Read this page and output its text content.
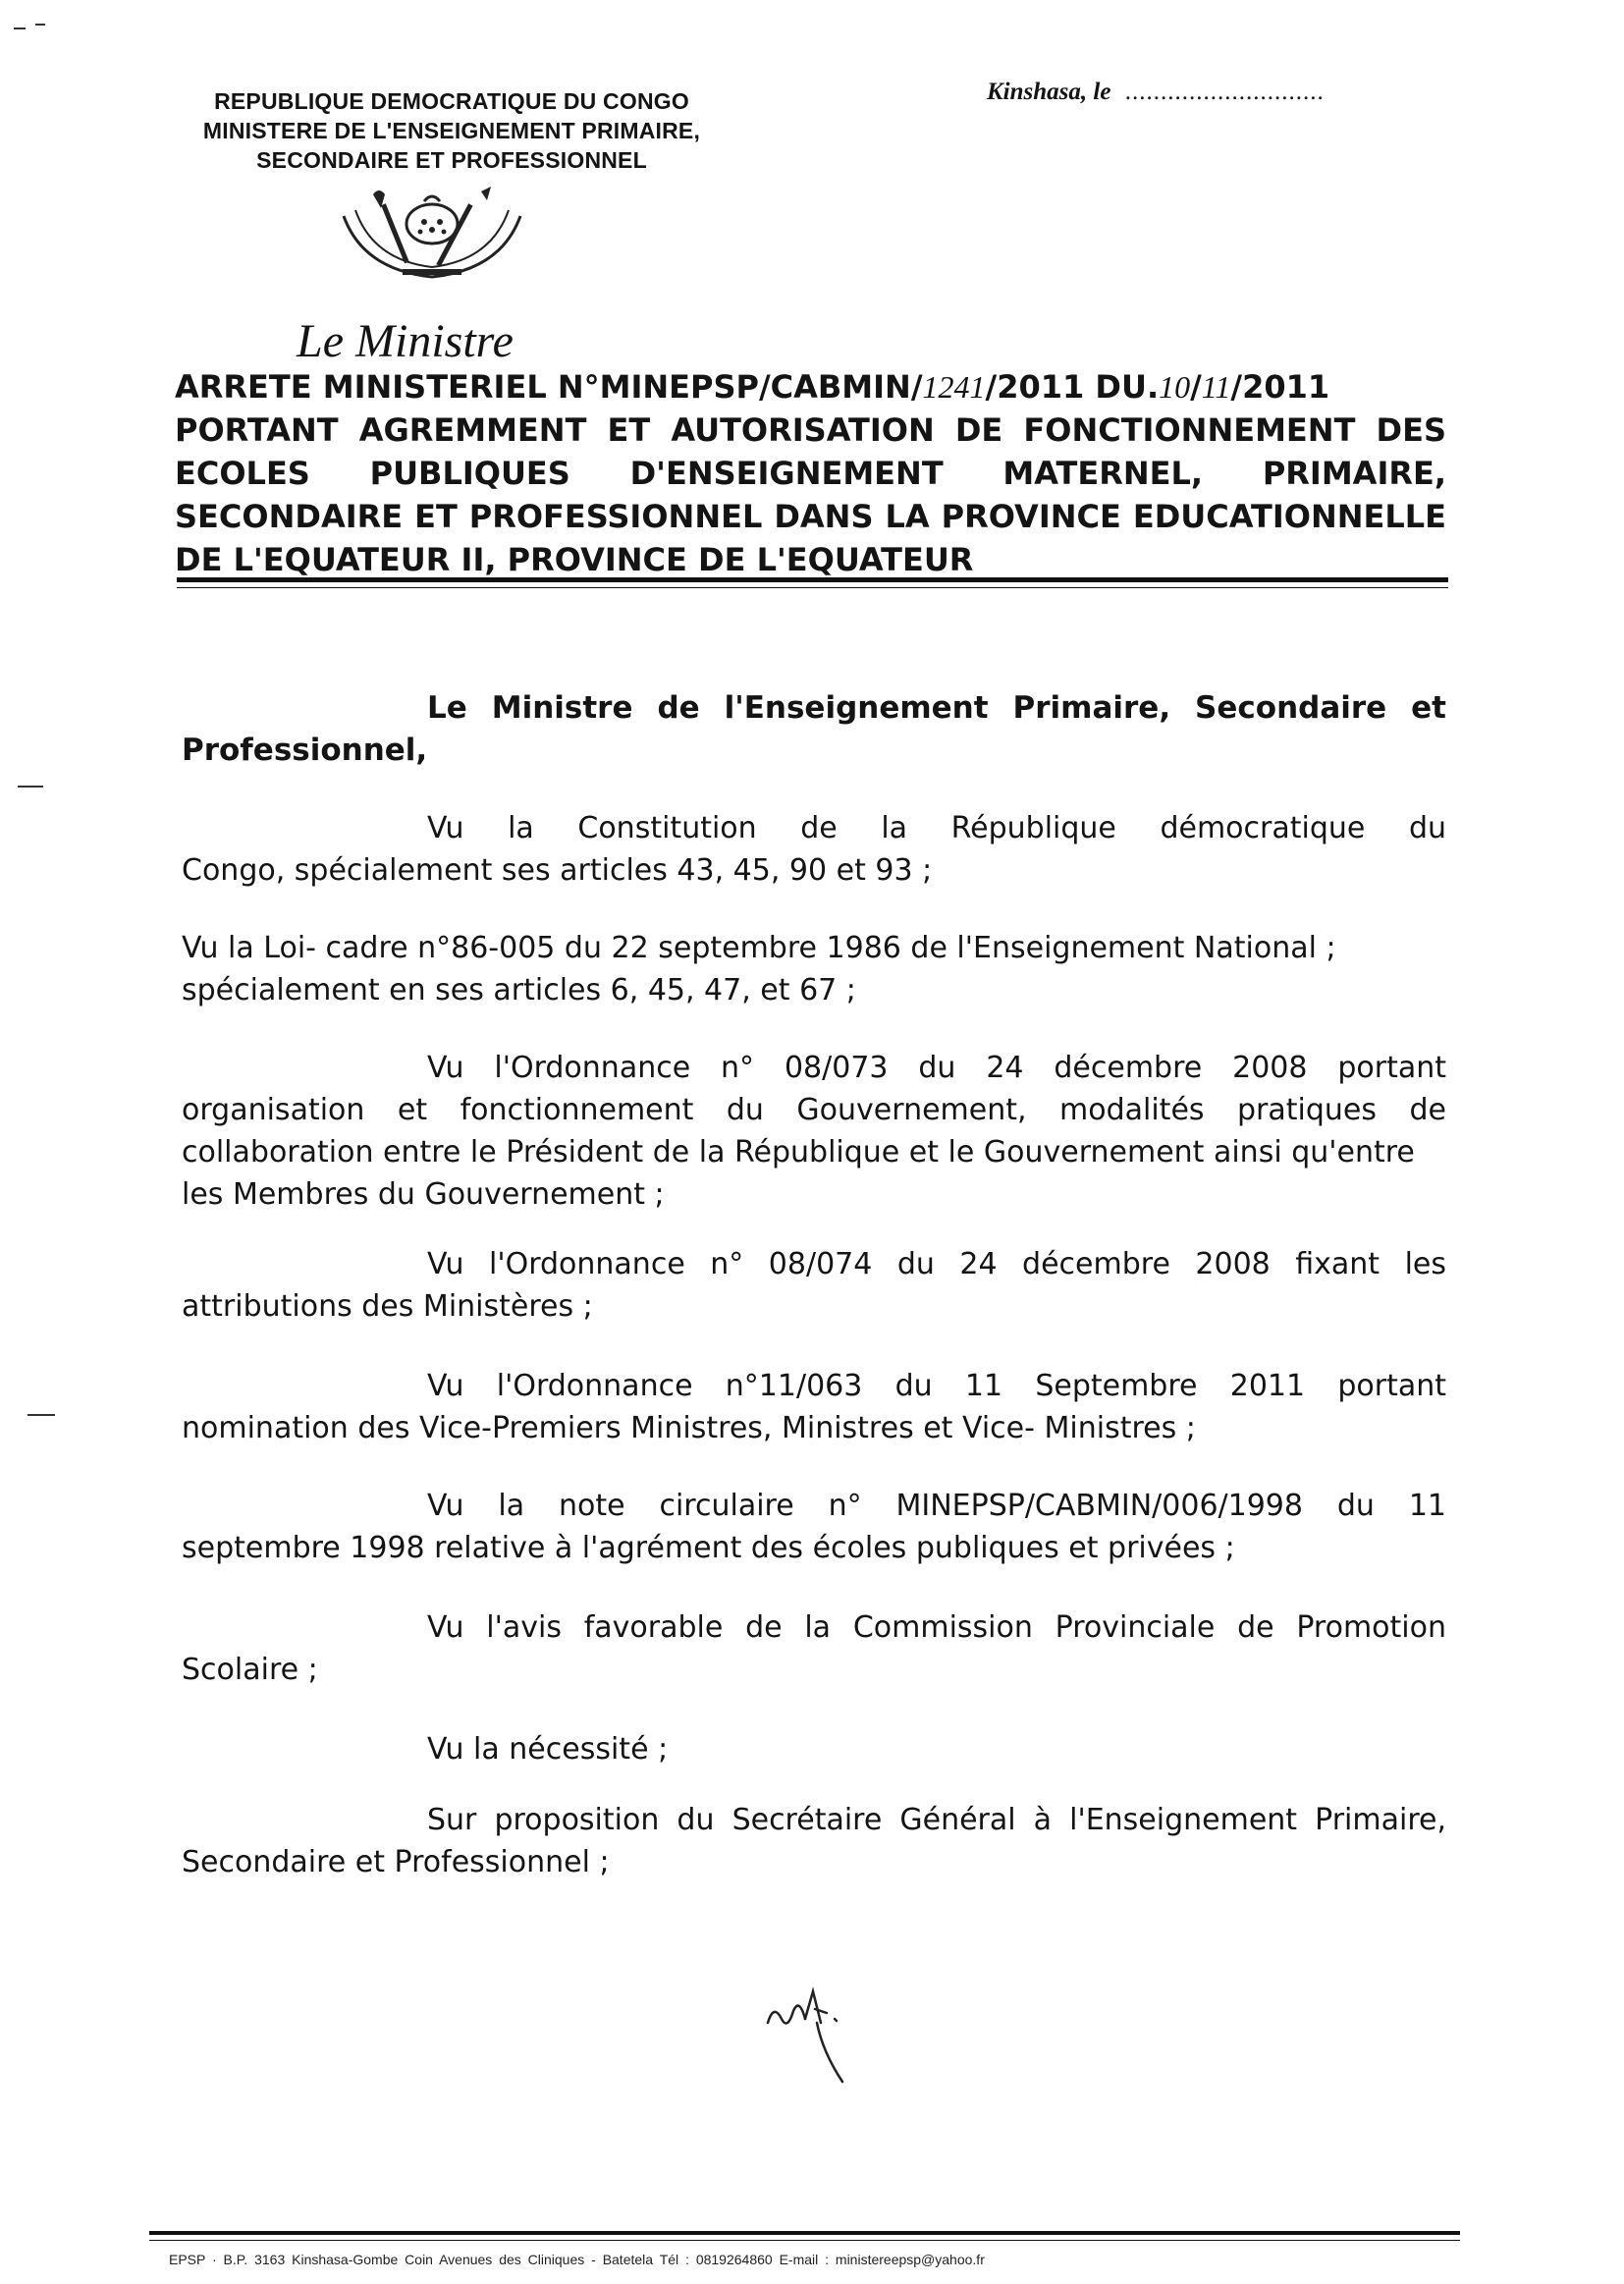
REPUBLIQUE DEMOCRATIQUE DU CONGO
MINISTERE DE L'ENSEIGNEMENT PRIMAIRE,
SECONDAIRE ET PROFESSIONNEL
Kinshasa, le ............................
Le Ministre
ARRETE MINISTERIEL N°MINEPSP/CABMIN/1241/2011 DU.10/11/2011
PORTANT AGREMMENT ET AUTORISATION DE FONCTIONNEMENT DES
ECOLES PUBLIQUES D'ENSEIGNEMENT MATERNEL, PRIMAIRE,
SECONDAIRE ET PROFESSIONNEL DANS LA PROVINCE EDUCATIONNELLE
DE L'EQUATEUR II, PROVINCE DE L'EQUATEUR
Le Ministre de l'Enseignement Primaire, Secondaire et
Professionnel,
Vu la Constitution de la République démocratique du
Congo, spécialement ses articles 43, 45, 90 et 93 ;
Vu la Loi- cadre n°86-005 du 22 septembre 1986 de l'Enseignement National ;
spécialement en ses articles 6, 45, 47, et 67 ;
Vu l'Ordonnance n° 08/073 du 24 décembre 2008 portant
organisation et fonctionnement du Gouvernement, modalités pratiques de
collaboration entre le Président de la République et le Gouvernement ainsi qu'entre
les Membres du Gouvernement ;
Vu l'Ordonnance n° 08/074 du 24 décembre 2008 fixant les
attributions des Ministères ;
Vu l'Ordonnance n°11/063 du 11 Septembre 2011 portant
nomination des Vice-Premiers Ministres, Ministres et Vice- Ministres ;
Vu la note circulaire n° MINEPSP/CABMIN/006/1998 du 11
septembre 1998 relative à l'agrément des écoles publiques et privées ;
Vu l'avis favorable de la Commission Provinciale de Promotion
Scolaire ;
Vu la nécessité ;
Sur proposition du Secrétaire Général à l'Enseignement Primaire,
Secondaire et Professionnel ;
EPSP · B.P. 3163 Kinshasa-Gombe Coin Avenues des Cliniques - Batetela Tél : 0819264860 E-mail : ministereepsp@yahoo.fr
